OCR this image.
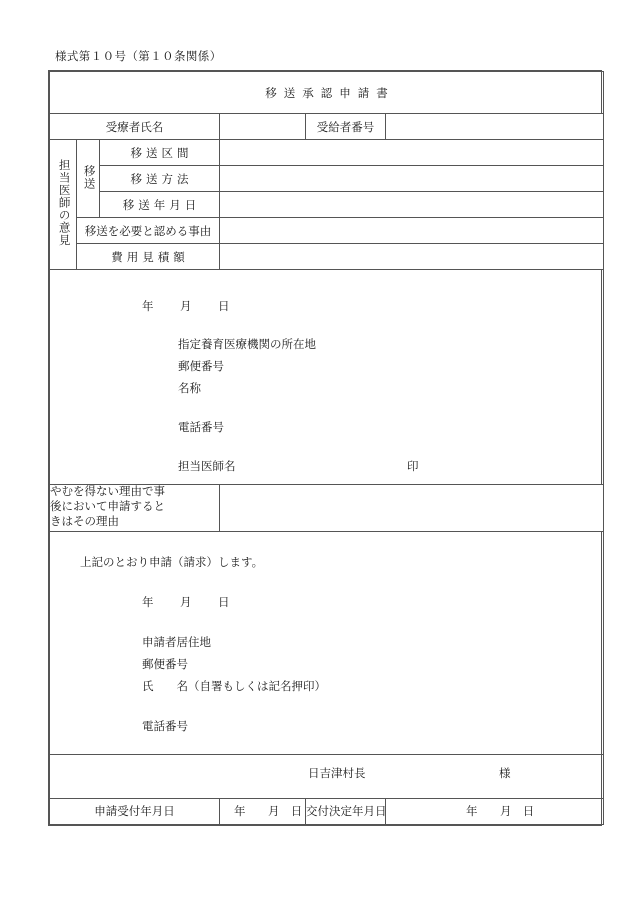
様式第１０号（第１０条関係）
移送承認申請書					
受療者氏名				受給者番号	
担当医師の意見	移送	移送区間			
		移送方法			
		移送年月日			
	移送を必要と認める事由				
	費用見積額				

年 月 日
指定養育医療機関の所在地
郵便番号
名称
電話番号
担当医師名	印

やむを得ない理由で事
後において申請すると
きはその理由					

上記のとおり申請（請求）します。
年 月 日
申請者居住地
郵便番号
氏　　名（自署もしくは記名押印）
電話番号

日吉津村長 様					

申請受付年月日			年 月 日	交付決定年月日	年 月 日
